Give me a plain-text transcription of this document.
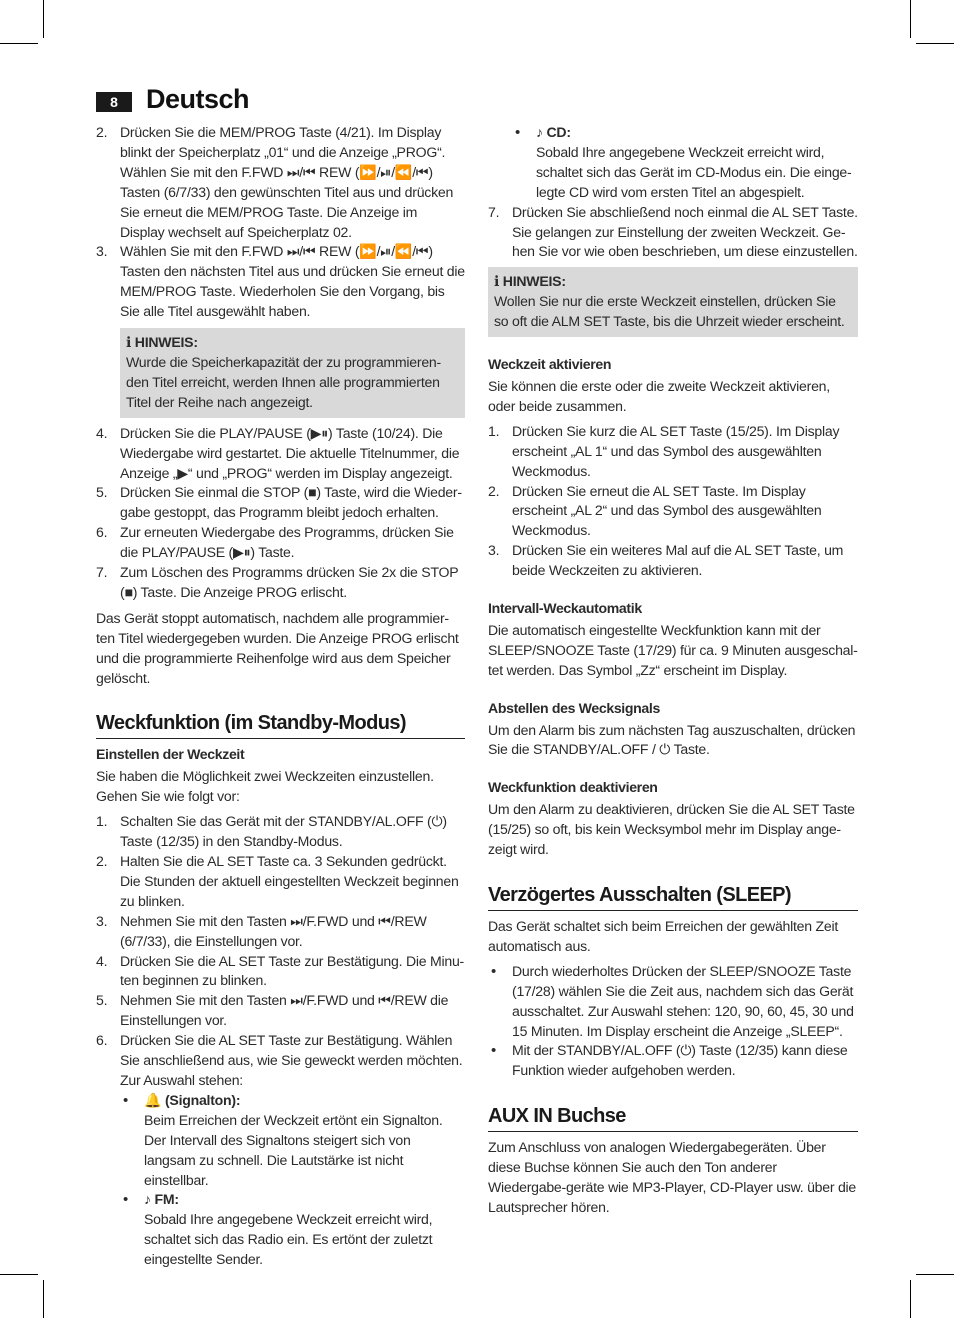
8	Deutsch
2. Drücken Sie die MEM/PROG Taste (4/21). Im Display blinkt der Speicherplatz „01“ und die Anzeige „PROG“. Wählen Sie mit den F.FWD ⏭/⏮ REW (⏩/⏯/⏪/⏮) Tasten (6/7/33) den gewünschten Titel aus und drücken Sie erneut die MEM/PROG Taste. Die Anzeige im Display wechselt auf Speicherplatz 02.
3. Wählen Sie mit den F.FWD ⏭/⏮ REW (⏩/⏯/⏪/⏮) Tasten den nächsten Titel aus und drücken Sie erneut die MEM/PROG Taste. Wiederholen Sie den Vorgang, bis Sie alle Titel ausgewählt haben.
ℹ HINWEIS:
Wurde die Speicherkapazität der zu programmieren-den Titel erreicht, werden Ihnen alle programmierten Titel der Reihe nach angezeigt.
4. Drücken Sie die PLAY/PAUSE (▶⏸) Taste (10/24). Die Wiedergabe wird gestartet. Die aktuelle Titelnummer, die Anzeige „▶“ und „PROG“ werden im Display angezeigt.
5. Drücken Sie einmal die STOP (■) Taste, wird die Wieder-gabe gestoppt, das Programm bleibt jedoch erhalten.
6. Zur erneuten Wiedergabe des Programms, drücken Sie die PLAY/PAUSE (▶⏸) Taste.
7. Zum Löschen des Programms drücken Sie 2x die STOP (■) Taste. Die Anzeige PROG erlischt.

Das Gerät stoppt automatisch, nachdem alle programmier-ten Titel wiedergegeben wurden. Die Anzeige PROG erlischt und die programmierte Reihenfolge wird aus dem Speicher gelöscht.

Weckfunktion (im Standby-Modus)
Einstellen der Weckzeit

Sie haben die Möglichkeit zwei Weckzeiten einzustellen. Gehen Sie wie folgt vor:

1. Schalten Sie das Gerät mit der STANDBY/AL.OFF (⏻) Taste (12/35) in den Standby-Modus.
2. Halten Sie die AL SET Taste ca. 3 Sekunden gedrückt. Die Stunden der aktuell eingestellten Weckzeit beginnen zu blinken.
3. Nehmen Sie mit den Tasten ⏭/F.FWD und ⏮/REW (6/7/33), die Einstellungen vor.
4. Drücken Sie die AL SET Taste zur Bestätigung. Die Minu-ten beginnen zu blinken.
5. Nehmen Sie mit den Tasten ⏭/F.FWD und ⏮/REW die Einstellungen vor.
6. Drücken Sie die AL SET Taste zur Bestätigung. Wählen Sie anschließend aus, wie Sie geweckt werden möchten. Zur Auswahl stehen:
• 🔔 (Signalton):
Beim Erreichen der Weckzeit ertönt ein Signalton. Der Intervall des Signaltons steigert sich von langsam zu schnell. Die Lautstärke ist nicht einstellbar.
• ♪ FM:
Sobald Ihre angegebene Weckzeit erreicht wird, schaltet sich das Radio ein. Es ertönt der zuletzt eingestellte Sender.
• ♪ CD:
Sobald Ihre angegebene Weckzeit erreicht wird, schaltet sich das Gerät im CD-Modus ein. Die einge-legte CD wird vom ersten Titel an abgespielt.
7. Drücken Sie abschließend noch einmal die AL SET Taste. Sie gelangen zur Einstellung der zweiten Weckzeit. Ge-hen Sie vor wie oben beschrieben, um diese einzustellen.
ℹ HINWEIS:
Wollen Sie nur die erste Weckzeit einstellen, drücken Sie so oft die ALM SET Taste, bis die Uhrzeit wieder erscheint.
Weckzeit aktivieren

Sie können die erste oder die zweite Weckzeit aktivieren, oder beide zusammen.

1. Drücken Sie kurz die AL SET Taste (15/25). Im Display erscheint „AL 1“ und das Symbol des ausgewählten Weckmodus.
2. Drücken Sie erneut die AL SET Taste. Im Display erscheint „AL 2“ und das Symbol des ausgewählten Weckmodus.
3. Drücken Sie ein weiteres Mal auf die AL SET Taste, um beide Weckzeiten zu aktivieren.
Intervall-Weckautomatik

Die automatisch eingestellte Weckfunktion kann mit der SLEEP/SNOOZE Taste (17/29) für ca. 9 Minuten ausgeschal-tet werden. Das Symbol „Zz“ erscheint im Display.

Abstellen des Wecksignals

Um den Alarm bis zum nächsten Tag auszuschalten, drücken Sie die STANDBY/AL.OFF / ⏻ Taste.

Weckfunktion deaktivieren

Um den Alarm zu deaktivieren, drücken Sie die AL SET Taste (15/25) so oft, bis kein Wecksymbol mehr im Display ange-zeigt wird.

Verzögertes Ausschalten (SLEEP)

Das Gerät schaltet sich beim Erreichen der gewählten Zeit automatisch aus.

• Durch wiederholtes Drücken der SLEEP/SNOOZE Taste (17/28) wählen Sie die Zeit aus, nachdem sich das Gerät ausschaltet. Zur Auswahl stehen: 120, 90, 60, 45, 30 und 15 Minuten. Im Display erscheint die Anzeige „SLEEP“.
• Mit der STANDBY/AL.OFF (⏻) Taste (12/35) kann diese Funktion wieder aufgehoben werden.
AUX IN Buchse

Zum Anschluss von analogen Wiedergabegeräten. Über diese Buchse können Sie auch den Ton anderer Wiedergabe-geräte wie MP3-Player, CD-Player usw. über die Lautsprecher hören.
